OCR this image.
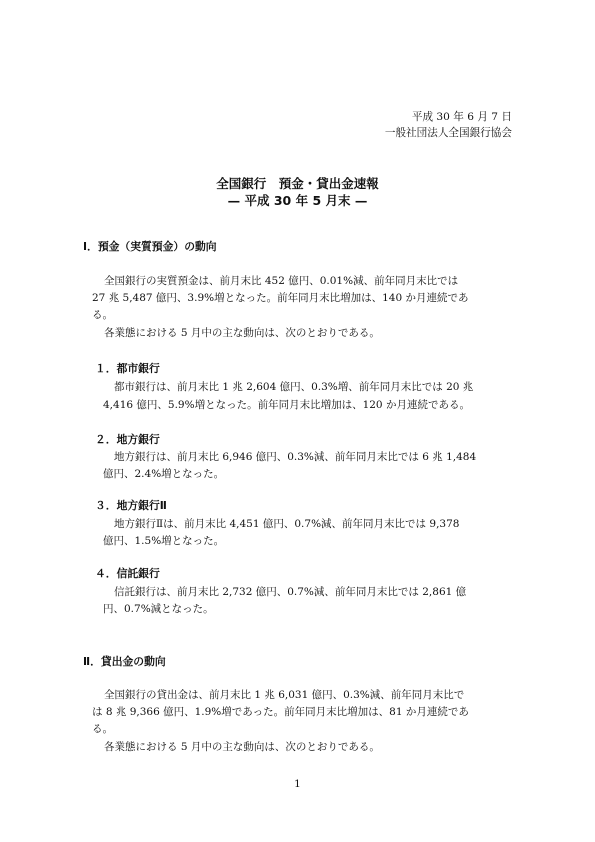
平成 30 年 6 月 7 日
一般社団法人全国銀行協会
全国銀行　預金・貸出金速報
— 平成 30 年 5 月末 —
Ⅰ．預金（実質預金）の動向
全国銀行の実質預金は、前月末比 452 億円、0.01%減、前年同月末比では
27 兆 5,487 億円、3.9%増となった。前年同月末比増加は、140 か月連続であ
る。
各業態における 5 月中の主な動向は、次のとおりである。
１．都市銀行
都市銀行は、前月末比 1 兆 2,604 億円、0.3%増、前年同月末比では 20 兆
4,416 億円、5.9%増となった。前年同月末比増加は、120 か月連続である。
２．地方銀行
地方銀行は、前月末比 6,946 億円、0.3%減、前年同月末比では 6 兆 1,484
億円、2.4%増となった。
３．地方銀行Ⅱ
地方銀行Ⅱは、前月末比 4,451 億円、0.7%減、前年同月末比では 9,378
億円、1.5%増となった。
４．信託銀行
信託銀行は、前月末比 2,732 億円、0.7%減、前年同月末比では 2,861 億
円、0.7%減となった。
Ⅱ．貸出金の動向
全国銀行の貸出金は、前月末比 1 兆 6,031 億円、0.3%減、前年同月末比で
は 8 兆 9,366 億円、1.9%増であった。前年同月末比増加は、81 か月連続であ
る。
各業態における 5 月中の主な動向は、次のとおりである。
1
